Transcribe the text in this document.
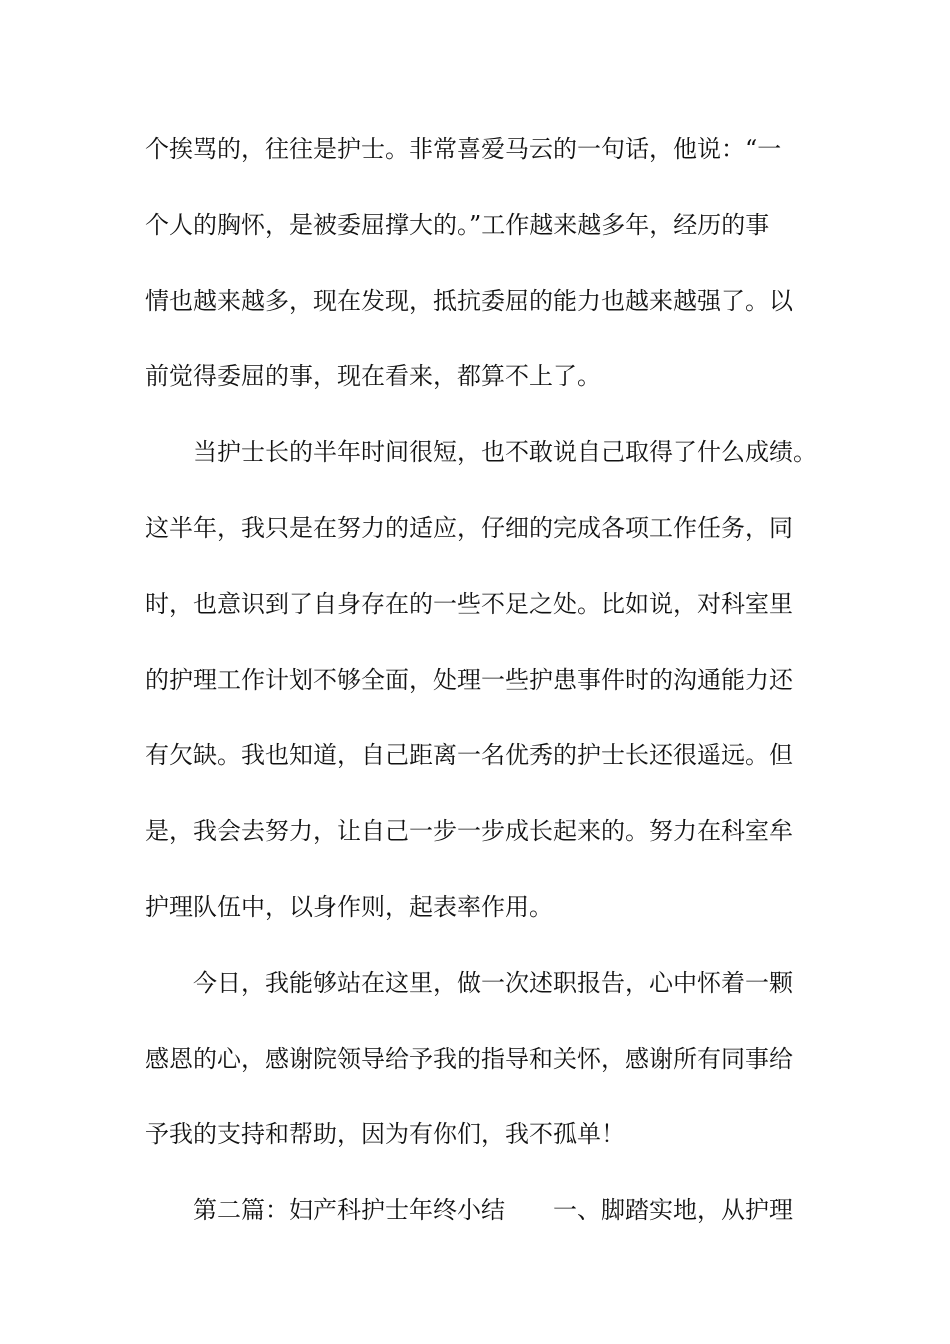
个挨骂的，往往是护士。非常喜爱马云的一句话，他说：“一
个人的胸怀，是被委屈撑大的。”工作越来越多年，经历的事
情也越来越多，现在发现，抵抗委屈的能力也越来越强了。以
前觉得委屈的事，现在看来，都算不上了。
当护士长的半年时间很短，也不敢说自己取得了什么成绩。
这半年，我只是在努力的适应，仔细的完成各项工作任务，同
时，也意识到了自身存在的一些不足之处。比如说，对科室里
的护理工作计划不够全面，处理一些护患事件时的沟通能力还
有欠缺。我也知道，自己距离一名优秀的护士长还很遥远。但
是，我会去努力，让自己一步一步成长起来的。努力在科室牟
护理队伍中，以身作则，起表率作用。
今日，我能够站在这里，做一次述职报告，心中怀着一颗
感恩的心，感谢院领导给予我的指导和关怀，感谢所有同事给
予我的支持和帮助，因为有你们，我不孤单！
第二篇：妇产科护士年终小结 一、脚踏实地，从护理
